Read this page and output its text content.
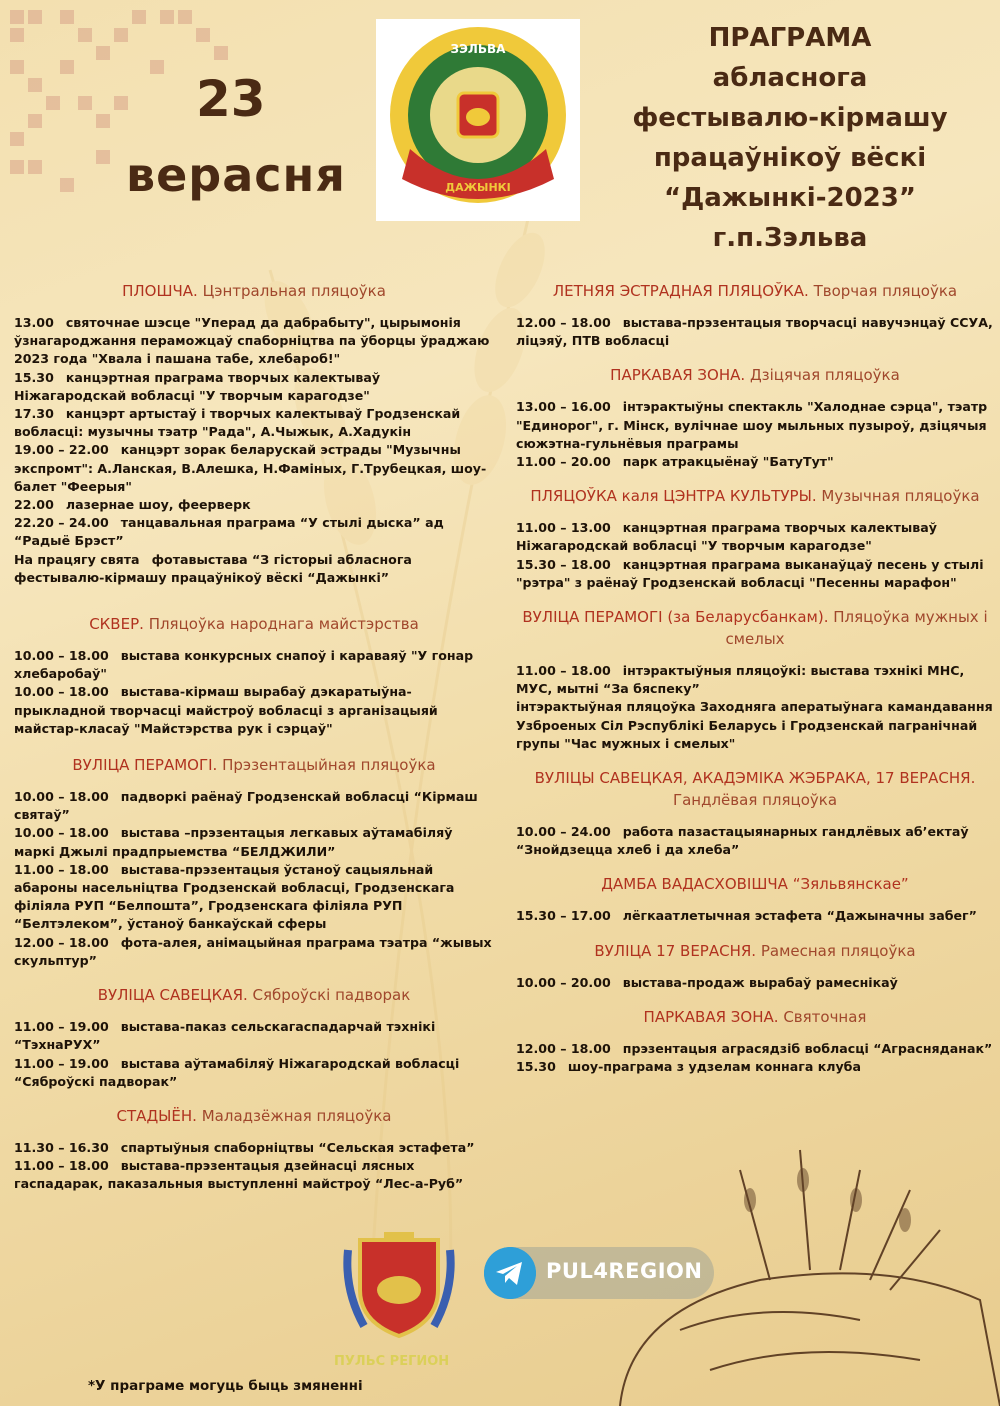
23
верасня
ЗЭЛЬВА
ДАЖЫНКІ
ПРАГРАМА
абласнога
фестывалю-кірмашу
працаўнікоў вёскі
“Дажынкі-2023”
г.п.Зэльва

ПЛОШЧА. Цэнтральная пляцоўка

13.00 святочнае шэсце "Уперад да дабрабыту", цырымонія ўзнагароджання пераможцаў спаборніцтва па ўборцы ўраджаю 2023 года "Хвала і пашана табе, хлебароб!"

15.30 канцэртная праграма творчых калектываў Ніжагародскай вобласці "У творчым карагодзе"

17.30 канцэрт артыстаў і творчых калектываў Гродзенскай вобласці: музычны тэатр "Рада", А.Чыжык, А.Хадукін

19.00 – 22.00 канцэрт зорак беларускай эстрады "Музычны экспромт": А.Ланская, В.Алешка, Н.Фаміных, Г.Трубецкая, шоу-балет "Феерыя"

22.00 лазернае шоу, феерверк

22.20 – 24.00 танцавальная праграма “У стылі дыска” ад “Радыё Брэст”

На працягу свята фотавыстава “З гісторыі абласнога фестывалю-кірмашу працаўнікоў вёскі “Дажынкі”

СКВЕР. Пляцоўка народнага майстэрства

10.00 – 18.00 выстава конкурсных снапоў і караваяў "У гонар хлебаробаў"

10.00 – 18.00 выстава-кірмаш вырабаў дэкаратыўна-прыкладной творчасці майстроў вобласці з арганізацыяй майстар-класаў "Майстэрства рук і сэрцаў"

ВУЛІЦА ПЕРАМОГІ. Прэзентацыйная пляцоўка

10.00 – 18.00 падворкі раёнаў Гродзенскай вобласці “Кірмаш святаў”

10.00 – 18.00 выстава –прэзентацыя легкавых аўтамабіляў маркі Джылі прадпрыемства “БЕЛДЖИЛИ”

11.00 – 18.00 выстава-прэзентацыя ўстаноў сацыяльнай абароны насельніцтва Гродзенскай вобласці, Гродзенскага філіяла РУП “Белпошта”, Гродзенскага філіяла РУП “Белтэлеком”, ўстаноў банкаўскай сферы

12.00 – 18.00 фота-алея, анімацыйная праграма тэатра “жывых скульптур”

ВУЛІЦА САВЕЦКАЯ. Сяброўскі падворак

11.00 – 19.00 выстава-паказ сельскагаспадарчай тэхнікі “ТэхнаРУХ”

11.00 – 19.00 выстава аўтамабіляў Ніжагародскай вобласці “Сяброўскі падворак”

СТАДЫЁН. Маладзёжная пляцоўка

11.30 – 16.30 спартыўныя спаборніцтвы “Сельская эстафета”

11.00 – 18.00 выстава-прэзентацыя дзейнасці лясных гаспадарак, паказальныя выступленні майстроў “Лес-а-Руб”

ЛЕТНЯЯ ЭСТРАДНАЯ ПЛЯЦОЎКА. Творчая пляцоўка

12.00 – 18.00 выстава-прэзентацыя творчасці навучэнцаў ССУА, ліцэяў, ПТВ вобласці

ПАРКАВАЯ ЗОНА. Дзіцячая пляцоўка

13.00 – 16.00 інтэрактыўны спектакль "Халоднае сэрца", тэатр "Единорог", г. Мінск, вулічнае шоу мыльных пузыроў, дзіцячыя сюжэтна-гульнёвыя праграмы

11.00 – 20.00 парк атракцыёнаў "БатуТут"

ПЛЯЦОЎКА каля ЦЭНТРА КУЛЬТУРЫ. Музычная пляцоўка

11.00 – 13.00 канцэртная праграма творчых калектываў Ніжагародскай вобласці "У творчым карагодзе"

15.30 – 18.00 канцэртная праграма выканаўцаў песень у стылі "рэтра" з раёнаў Гродзенскай вобласці "Песенны марафон"

ВУЛІЦА ПЕРАМОГІ (за Беларусбанкам). Пляцоўка мужных і смелых

11.00 – 18.00 інтэрактыўныя пляцоўкі: выстава тэхнікі МНС, МУС, мытні “За бяспеку”

інтэрактыўная пляцоўка Заходняга аператыўнага камандавання Узброеных Сіл Рэспублікі Беларусь і Гродзенскай пагранічнай групы "Час мужных і смелых"

ВУЛІЦЫ САВЕЦКАЯ, АКАДЭМІКА ЖЭБРАКА, 17 ВЕРАСНЯ. Гандлёвая пляцоўка

10.00 – 24.00 работа пазастацыянарных гандлёвых аб’ектаў “Знойдзецца хлеб і да хлеба”

ДАМБА ВАДАСХОВІШЧА “Зяльвянскае”

15.30 – 17.00 лёгкаатлетычная эстафета “Дажыначны забег”

ВУЛІЦА 17 ВЕРАСНЯ. Рамесная пляцоўка

10.00 – 20.00 выстава-продаж вырабаў рамеснікаў

ПАРКАВАЯ ЗОНА. Святочная

12.00 – 18.00 прэзентацыя аграсядзіб вобласці “Аграсняданак”

15.30 шоу-праграма з удзелам коннага клуба

ПУЛЬС РЕГИОН
PUL4REGION
*У праграме могуць быць змяненні
